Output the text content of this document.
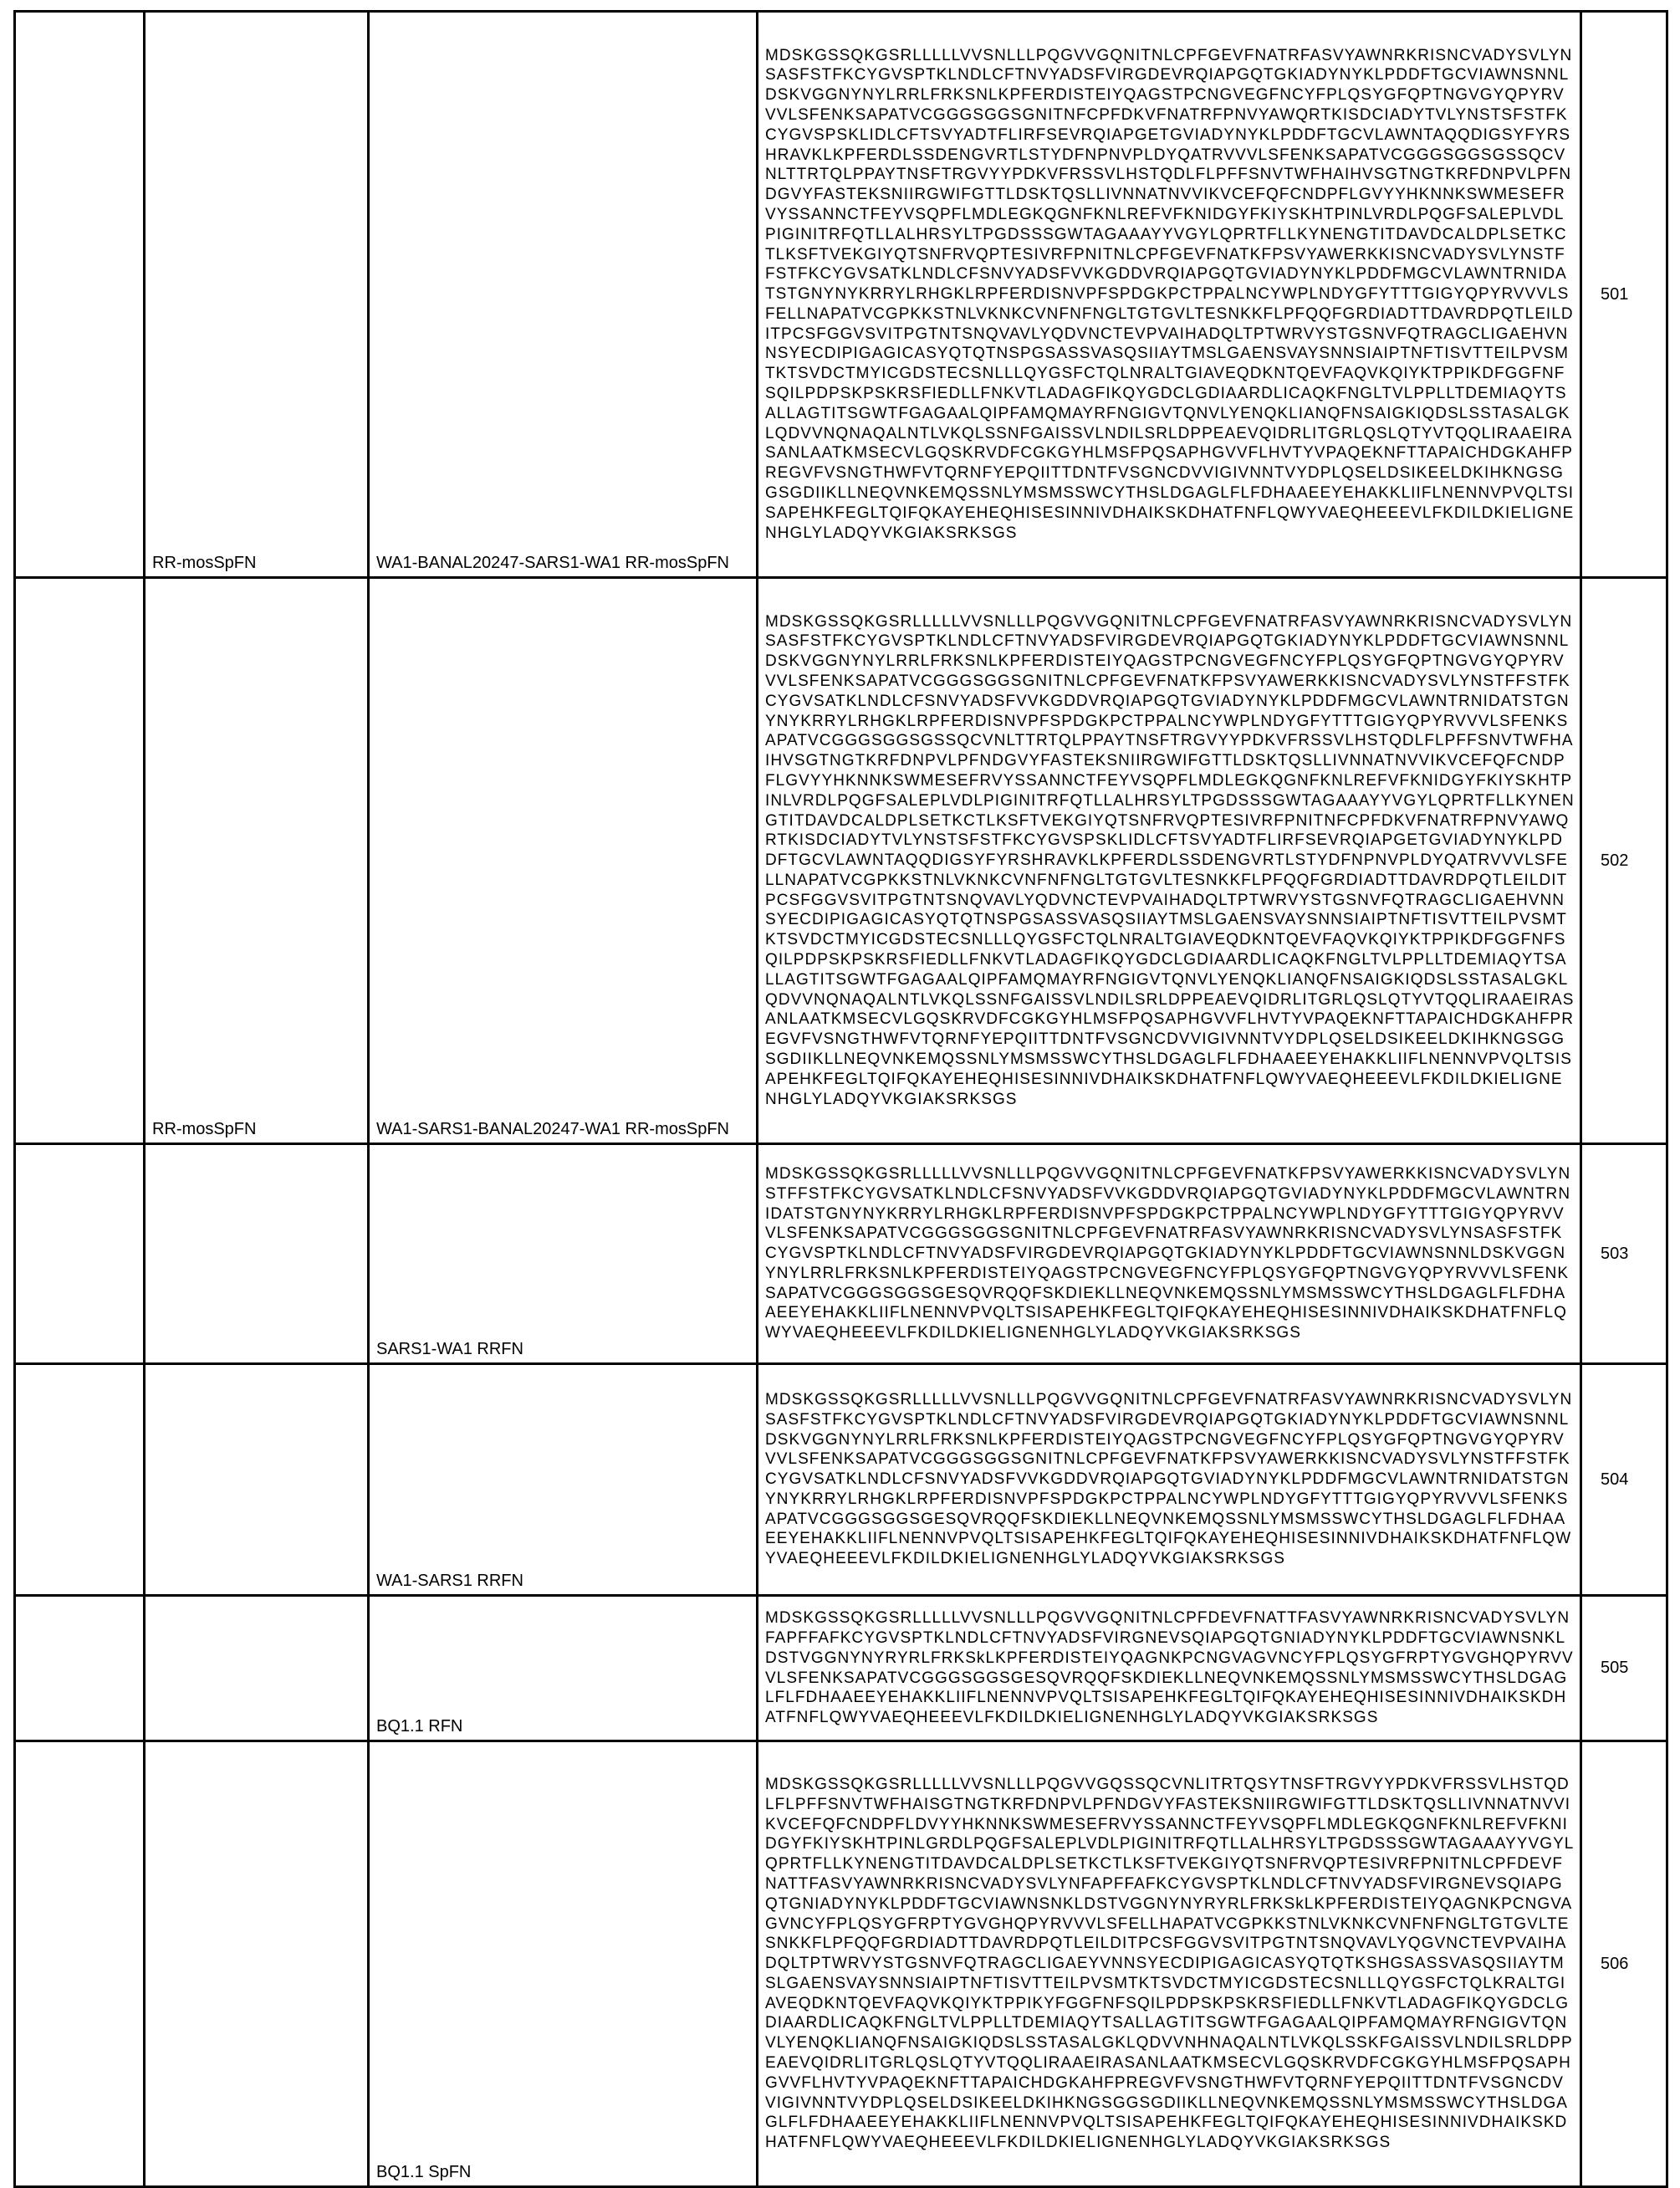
	RR-mosSpFN	WA1-BANAL20247-SARS1-WA1 RR-mosSpFN	MDSKGSSQKGSRLLLLLVVSNLLLPQGVVGQNITNLCPFGEVFNATRFASVYAWNRKRISNCVADYSVLYNSASFSTFKCYGVSPTKLNDLCFTNVYADSFVIRGDEVRQIAPGQTGKIADYNYKLPDDFTGCVIAWNSNNLDSKVGGNYNYLRRLFRKSNLKPFERDISTEIYQAGSTPCNGVEGFNCYFPLQSYGFQPTNGVGYQPYRVVVLSFENKSAPATVCGGGSGGSGNITNFCPFDKVFNATRFPNVYAWQRTKISDCIADYTVLYNSTSFSTFKCYGVSPSKLIDLCFTSVYADTFLIRFSEVRQIAPGETGVIADYNYKLPDDFTGCVLAWNTAQQDIGSYFYRSHRAVKLKPFERDLSSDENGVRTLSTYDFNPNVPLDYQATRVVVLSFENKSAPATVCGGGSGGSGSSQCVNLTTRTQLPPAYTNSFTRGVYYPDKVFRSSVLHSTQDLFLPFFSNVTWFHAIHVSGTNGTKRFDNPVLPFNDGVYFASTEKSNIIRGWIFGTTLDSKTQSLLIVNNATNVVIKVCEFQFCNDPFLGVYYHKNNKSWMESEFRVYSSANNCTFEYVSQPFLMDLEGKQGNFKNLREFVFKNIDGYFKIYSKHTPINLVRDLPQGFSALEPLVDLPIGINITRFQTLLALHRSYLTPGDSSSGWTAGAAAYYVGYLQPRTFLLKYNENGTITDAVDCALDPLSETKCTLKSFTVEKGIYQTSNFRVQPTESIVRFPNITNLCPFGEVFNATKFPSVYAWERKKISNCVADYSVLYNSTFFSTFKCYGVSATKLNDLCFSNVYADSFVVKGDDVRQIAPGQTGVIADYNYKLPDDFMGCVLAWNTRNIDATSTGNYNYKRRYLRHGKLRPFERDISNVPFSPDGKPCTPPALNCYWPLNDYGFYTTTGIGYQPYRVVVLSFELLNAPATVCGPKKSTNLVKNKCVNFNFNGLTGTGVLTESNKKFLPFQQFGRDIADTTDAVRDPQTLEILDITPCSFGGVSVITPGTNTSNQVAVLYQDVNCTEVPVAIHADQLTPTWRVYSTGSNVFQTRAGCLIGAEHVNNSYECDIPIGAGICASYQTQTNSPGSASSVASQSIIAYTMSLGAENSVAYSNNSIAIPTNFTISVTTEILPVSMTKTSVDCTMYICGDSTECSNLLLQYGSFCTQLNRALTGIAVEQDKNTQEVFAQVKQIYKTPPIKDFGGFNFSQILPDPSKPSKRSFIEDLLFNKVTLADAGFIKQYGDCLGDIAARDLICAQKFNGLTVLPPLLTDEMIAQYTSALLAGTITSGWTFGAGAALQIPFAMQMAYRFNGIGVTQNVLYENQKLIANQFNSAIGKIQDSLSSTASALGKLQDVVNQNAQALNTLVKQLSSNFGAISSVLNDILSRLDPPEAEVQIDRLITGRLQSLQTYVTQQLIRAAEIRASANLAATKMSECVLGQSKRVDFCGKGYHLMSFPQSAPHGVVFLHVTYVPAQEKNFTTAPAICHDGKAHFPREGVFVSNGTHWFVTQRNFYEPQIITTDNTFVSGNCDVVIGIVNNTVYDPLQSELDSIKEELDKIHKNGSGGSGDIIKLLNEQVNKEMQSSNLYMSMSSWCYTHSLDGAGLFLFDHAAEEYEHAKKLIIFLNENNVPVQLTSISAPEHKFEGLTQIFQKAYEHEQHISESINNIVDHAIKSKDHATFNFLQWYVAEQHEEEVLFKDILDKIELIGNENHGLYLADQYVKGIAKSRKSGS	501
	RR-mosSpFN	WA1-SARS1-BANAL20247-WA1 RR-mosSpFN	MDSKGSSQKGSRLLLLLVVSNLLLPQGVVGQNITNLCPFGEVFNATRFASVYAWNRKRISNCVADYSVLYNSASFSTFKCYGVSPTKLNDLCFTNVYADSFVIRGDEVRQIAPGQTGKIADYNYKLPDDFTGCVIAWNSNNLDSKVGGNYNYLRRLFRKSNLKPFERDISTEIYQAGSTPCNGVEGFNCYFPLQSYGFQPTNGVGYQPYRVVVLSFENKSAPATVCGGGSGGSGNITNLCPFGEVFNATKFPSVYAWERKKISNCVADYSVLYNSTFFSTFKCYGVSATKLNDLCFSNVYADSFVVKGDDVRQIAPGQTGVIADYNYKLPDDFMGCVLAWNTRNIDATSTGNYNYKRRYLRHGKLRPFERDISNVPFSPDGKPCTPPALNCYWPLNDYGFYTTTGIGYQPYRVVVLSFENKSAPATVCGGGSGGSGSSQCVNLTTRTQLPPAYTNSFTRGVYYPDKVFRSSVLHSTQDLFLPFFSNVTWFHAIHVSGTNGTKRFDNPVLPFNDGVYFASTEKSNIIRGWIFGTTLDSKTQSLLIVNNATNVVIKVCEFQFCNDPFLGVYYHKNNKSWMESEFRVYSSANNCTFEYVSQPFLMDLEGKQGNFKNLREFVFKNIDGYFKIYSKHTPINLVRDLPQGFSALEPLVDLPIGINITRFQTLLALHRSYLTPGDSSSGWTAGAAAYYVGYLQPRTFLLKYNENGTITDAVDCALDPLSETKCTLKSFTVEKGIYQTSNFRVQPTESIVRFPNITNFCPFDKVFNATRFPNVYAWQRTKISDCIADYTVLYNSTSFSTFKCYGVSPSKLIDLCFTSVYADTFLIRFSEVRQIAPGETGVIADYNYKLPDDFTGCVLAWNTAQQDIGSYFYRSHRAVKLKPFERDLSSDENGVRTLSTYDFNPNVPLDYQATRVVVLSFELLNAPATVCGPKKSTNLVKNKCVNFNFNGLTGTGVLTESNKKFLPFQQFGRDIADTTDAVRDPQTLEILDITPCSFGGVSVITPGTNTSNQVAVLYQDVNCTEVPVAIHADQLTPTWRVYSTGSNVFQTRAGCLIGAEHVNNSYECDIPIGAGICASYQTQTNSPGSASSVASQSIIAYTMSLGAENSVAYSNNSIAIPTNFTISVTTEILPVSMTKTSVDCTMYICGDSTECSNLLLQYGSFCTQLNRALTGIAVEQDKNTQEVFAQVKQIYKTPPIKDFGGFNFSQILPDPSKPSKRSFIEDLLFNKVTLADAGFIKQYGDCLGDIAARDLICAQKFNGLTVLPPLLTDEMIAQYTSALLAGTITSGWTFGAGAALQIPFAMQMAYRFNGIGVTQNVLYENQKLIANQFNSAIGKIQDSLSSTASALGKLQDVVNQNAQALNTLVKQLSSNFGAISSVLNDILSRLDPPEAEVQIDRLITGRLQSLQTYVTQQLIRAAEIRASANLAATKMSECVLGQSKRVDFCGKGYHLMSFPQSAPHGVVFLHVTYVPAQEKNFTTAPAICHDGKAHFPREGVFVSNGTHWFVTQRNFYEPQIITTDNTFVSGNCDVVIGIVNNTVYDPLQSELDSIKEELDKIHKNGSGGSGDIIKLLNEQVNKEMQSSNLYMSMSSWCYTHSLDGAGLFLFDHAAEEYEHAKKLIIFLNENNVPVQLTSISAPEHKFEGLTQIFQKAYEHEQHISESINNIVDHAIKSKDHATFNFLQWYVAEQHEEEVLFKDILDKIELIGNENHGLYLADQYVKGIAKSRKSGS	502
		SARS1-WA1 RRFN	MDSKGSSQKGSRLLLLLVVSNLLLPQGVVGQNITNLCPFGEVFNATKFPSVYAWERKKISNCVADYSVLYNSTFFSTFKCYGVSATKLNDLCFSNVYADSFVVKGDDVRQIAPGQTGVIADYNYKLPDDFMGCVLAWNTRNIDATSTGNYNYKRRYLRHGKLRPFERDISNVPFSPDGKPCTPPALNCYWPLNDYGFYTTTGIGYQPYRVVVLSFENKSAPATVCGGGSGGSGNITNLCPFGEVFNATRFASVYAWNRKRISNCVADYSVLYNSASFSTFKCYGVSPTKLNDLCFTNVYADSFVIRGDEVRQIAPGQTGKIADYNYKLPDDFTGCVIAWNSNNLDSKVGGNYNYLRRLFRKSNLKPFERDISTEIYQAGSTPCNGVEGFNCYFPLQSYGFQPTNGVGYQPYRVVVLSFENKSAPATVCGGGSGGSGESQVRQQFSKDIEKLLNEQVNKEMQSSNLYMSMSSWCYTHSLDGAGLFLFDHAAEEYEHAKKLIIFLNENNVPVQLTSISAPEHKFEGLTQIFQKAYEHEQHISESINNIVDHAIKSKDHATFNFLQWYVAEQHEEEVLFKDILDKIELIGNENHGLYLADQYVKGIAKSRKSGS	503
		WA1-SARS1 RRFN	MDSKGSSQKGSRLLLLLVVSNLLLPQGVVGQNITNLCPFGEVFNATRFASVYAWNRKRISNCVADYSVLYNSASFSTFKCYGVSPTKLNDLCFTNVYADSFVIRGDEVRQIAPGQTGKIADYNYKLPDDFTGCVIAWNSNNLDSKVGGNYNYLRRLFRKSNLKPFERDISTEIYQAGSTPCNGVEGFNCYFPLQSYGFQPTNGVGYQPYRVVVLSFENKSAPATVCGGGSGGSGNITNLCPFGEVFNATKFPSVYAWERKKISNCVADYSVLYNSTFFSTFKCYGVSATKLNDLCFSNVYADSFVVKGDDVRQIAPGQTGVIADYNYKLPDDFMGCVLAWNTRNIDATSTGNYNYKRRYLRHGKLRPFERDISNVPFSPDGKPCTPPALNCYWPLNDYGFYTTTGIGYQPYRVVVLSFENKSAPATVCGGGSGGSGESQVRQQFSKDIEKLLNEQVNKEMQSSNLYMSMSSWCYTHSLDGAGLFLFDHAAEEYEHAKKLIIFLNENNVPVQLTSISAPEHKFEGLTQIFQKAYEHEQHISESINNIVDHAIKSKDHATFNFLQWYVAEQHEEEVLFKDILDKIELIGNENHGLYLADQYVKGIAKSRKSGS	504
		BQ1.1 RFN	MDSKGSSQKGSRLLLLLVVSNLLLPQGVVGQNITNLCPFDEVFNATTFASVYAWNRKRISNCVADYSVLYNFAPFFAFKCYGVSPTKLNDLCFTNVYADSFVIRGNEVSQIAPGQTGNIADYNYKLPDDFTGCVIAWNSNKLDSTVGGNYNYRYRLFRKSkLKPFERDISTEIYQAGNKPCNGVAGVNCYFPLQSYGFRPTYGVGHQPYRVVVLSFENKSAPATVCGGGSGGSGESQVRQQFSKDIEKLLNEQVNKEMQSSNLYMSMSSWCYTHSLDGAGLFLFDHAAEEYEHAKKLIIFLNENNVPVQLTSISAPEHKFEGLTQIFQKAYEHEQHISESINNIVDHAIKSKDHATFNFLQWYVAEQHEEEVLFKDILDKIELIGNENHGLYLADQYVKGIAKSRKSGS	505
		BQ1.1 SpFN	MDSKGSSQKGSRLLLLLVVSNLLLPQGVVGQSSQCVNLITRTQSYTNSFTRGVYYPDKVFRSSVLHSTQDLFLPFFSNVTWFHAISGTNGTKRFDNPVLPFNDGVYFASTEKSNIIRGWIFGTTLDSKTQSLLIVNNATNVVIKVCEFQFCNDPFLDVYYHKNNKSWMESEFRVYSSANNCTFEYVSQPFLMDLEGKQGNFKNLREFVFKNIDGYFKIYSKHTPINLGRDLPQGFSALEPLVDLPIGINITRFQTLLALHRSYLTPGDSSSGWTAGAAAYYVGYLQPRTFLLKYNENGTITDAVDCALDPLSETKCTLKSFTVEKGIYQTSNFRVQPTESIVRFPNITNLCPFDEVFNATTFASVYAWNRKRISNCVADYSVLYNFAPFFAFKCYGVSPTKLNDLCFTNVYADSFVIRGNEVSQIAPGQTGNIADYNYKLPDDFTGCVIAWNSNKLDSTVGGNYNYRYRLFRKSkLKPFERDISTEIYQAGNKPCNGVAGVNCYFPLQSYGFRPTYGVGHQPYRVVVLSFELLHAPATVCGPKKSTNLVKNKCVNFNFNGLTGTGVLTESNKKFLPFQQFGRDIADTTDAVRDPQTLEILDITPCSFGGVSVITPGTNTSNQVAVLYQGVNCTEVPVAIHADQLTPTWRVYSTGSNVFQTRAGCLIGAEYVNNSYECDIPIGAGICASYQTQTKSHGSASSVASQSIIAYTMSLGAENSVAYSNNSIAIPTNFTISVTTEILPVSMTKTSVDCTMYICGDSTECSNLLLQYGSFCTQLKRALTGIAVEQDKNTQEVFAQVKQIYKTPPIKYFGGFNFSQILPDPSKPSKRSFIEDLLFNKVTLADAGFIKQYGDCLGDIAARDLICAQKFNGLTVLPPLLTDEMIAQYTSALLAGTITSGWTFGAGAALQIPFAMQMAYRFNGIGVTQNVLYENQKLIANQFNSAIGKIQDSLSSTASALGKLQDVVNHNAQALNTLVKQLSSKFGAISSVLNDILSRLDPPEAEVQIDRLITGRLQSLQTYVTQQLIRAAEIRASANLAATKMSECVLGQSKRVDFCGKGYHLMSFPQSAPHGVVFLHVTYVPAQEKNFTTAPAICHDGKAHFPREGVFVSNGTHWFVTQRNFYEPQIITTDNTFVSGNCDVVIGIVNNTVYDPLQSELDSIKEELDKIHKNGSGGSGDIIKLLNEQVNKEMQSSNLYMSMSSWCYTHSLDGAGLFLFDHAAEEYEHAKKLIIFLNENNVPVQLTSISAPEHKFEGLTQIFQKAYEHEQHISESINNIVDHAIKSKDHATFNFLQWYVAEQHEEEVLFKDILDKIELIGNENHGLYLADQYVKGIAKSRKSGS	506
